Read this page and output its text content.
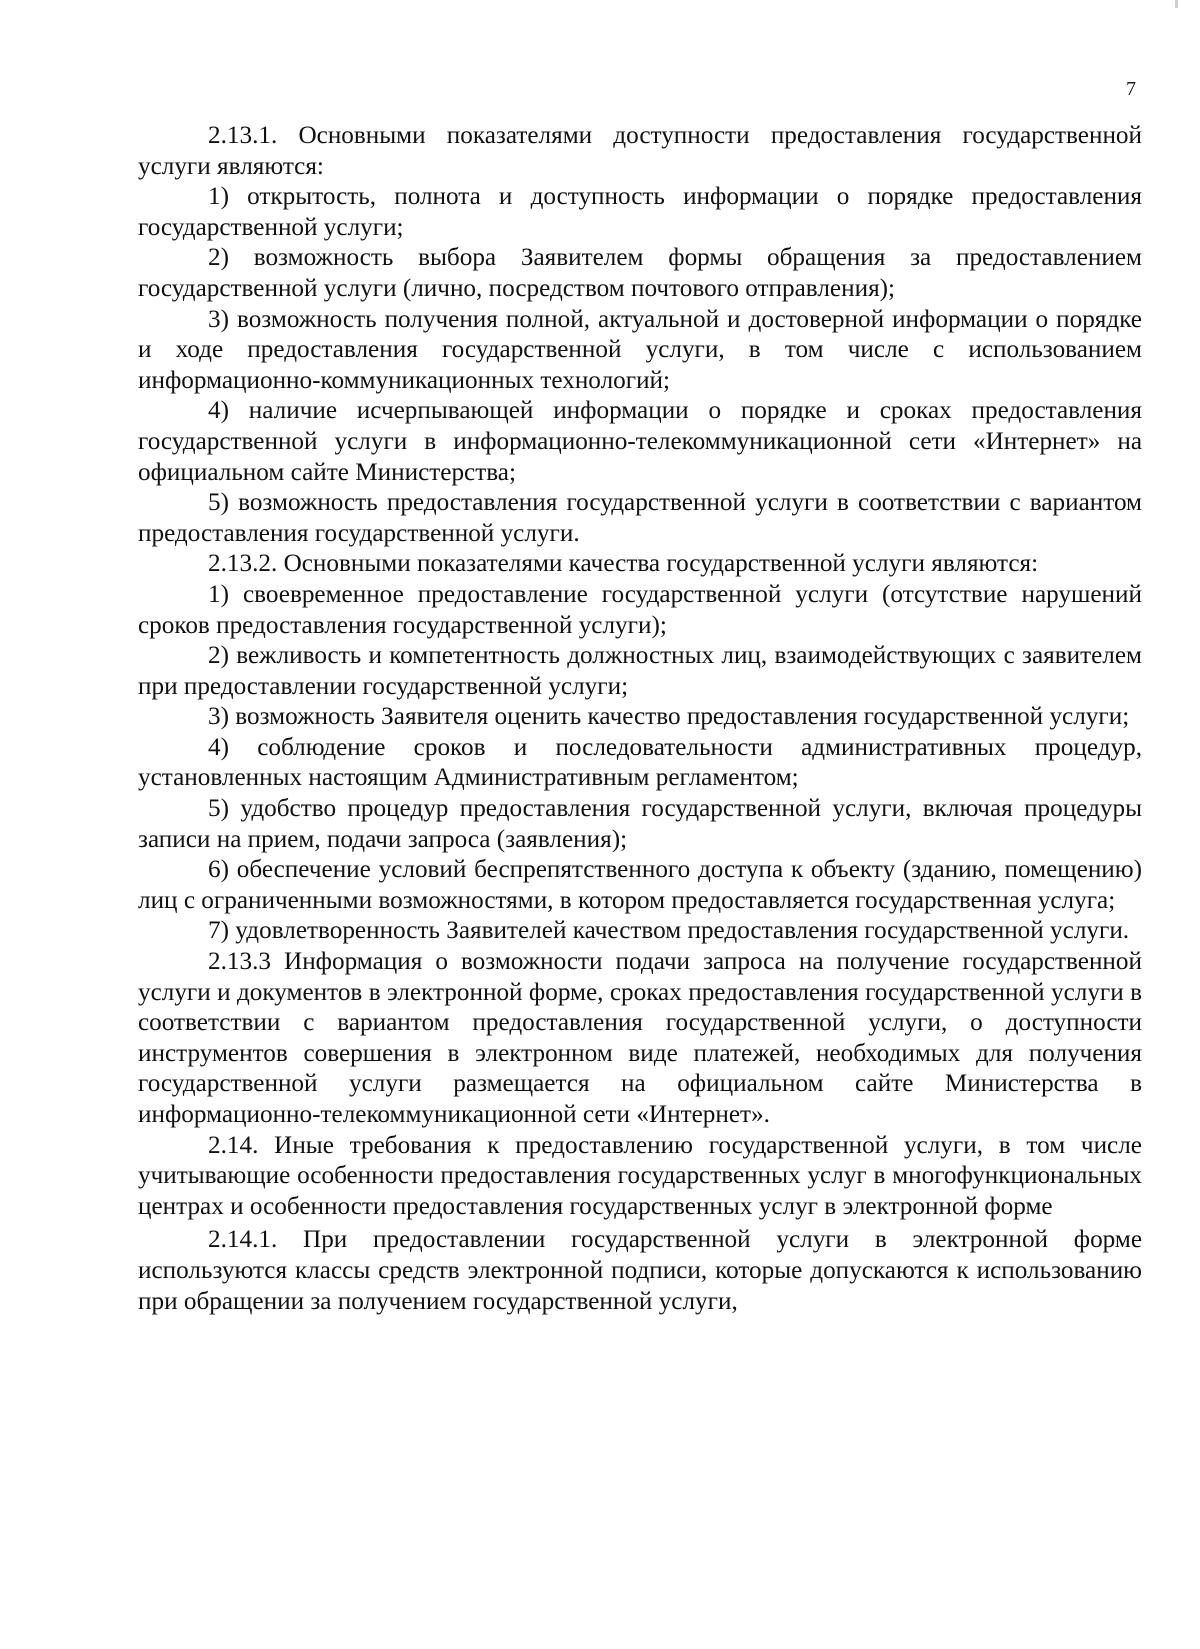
7

2.13.1. Основными показателями доступности предоставления государственной услуги являются:

1) открытость, полнота и доступность информации о порядке предоставления государственной услуги;

2) возможность выбора Заявителем формы обращения за предоставлением государственной услуги (лично, посредством почтового отправления);

3) возможность получения полной, актуальной и достоверной информации о порядке и ходе предоставления государственной услуги, в том числе с использованием информационно-коммуникационных технологий;

4) наличие исчерпывающей информации о порядке и сроках предоставления государственной услуги в информационно-телекоммуникационной сети «Интернет» на официальном сайте Министерства;

5) возможность предоставления государственной услуги в соответствии с вариантом предоставления государственной услуги.

2.13.2. Основными показателями качества государственной услуги являются:

1) своевременное предоставление государственной услуги (отсутствие нарушений сроков предоставления государственной услуги);

2) вежливость и компетентность должностных лиц, взаимодействующих с заявителем при предоставлении государственной услуги;

3) возможность Заявителя оценить качество предоставления государственной услуги;

4) соблюдение сроков и последовательности административных процедур, установленных настоящим Административным регламентом;

5) удобство процедур предоставления государственной услуги, включая процедуры записи на прием, подачи запроса (заявления);

6) обеспечение условий беспрепятственного доступа к объекту (зданию, помещению) лиц с ограниченными возможностями, в котором предоставляется государственная услуга;

7) удовлетворенность Заявителей качеством предоставления государственной услуги.

2.13.3 Информация о возможности подачи запроса на получение государственной услуги и документов в электронной форме, сроках предоставления государственной услуги в соответствии с вариантом предоставления государственной услуги, о доступности инструментов совершения в электронном виде платежей, необходимых для получения государственной услуги размещается на официальном сайте Министерства в информационно-телекоммуникационной сети «Интернет».

2.14. Иные требования к предоставлению государственной услуги, в том числе учитывающие особенности предоставления государственных услуг в многофункциональных центрах и особенности предоставления государственных услуг в электронной форме

2.14.1. При предоставлении государственной услуги в электронной форме используются классы средств электронной подписи, которые допускаются к использованию при обращении за получением государственной услуги,
